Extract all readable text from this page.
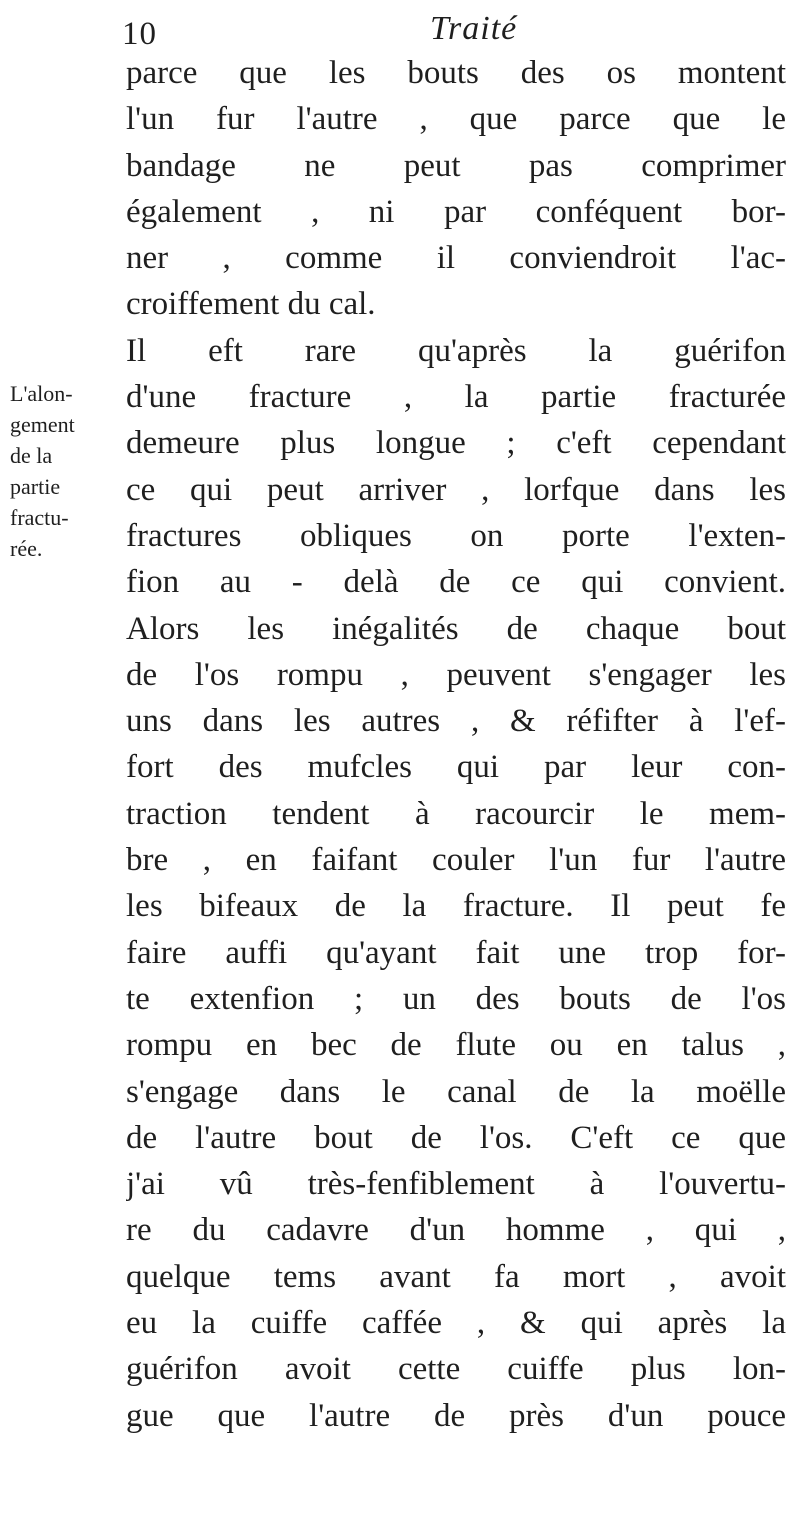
10	Traité
L'alon-
gement
de la
partie
fractu-
rée.
parce que les bouts des os montent
l'un fur l'autre , que parce que le
bandage ne peut pas comprimer
également , ni par conféquent bor-
ner , comme il conviendroit l'ac-
croiffement du cal.
Il eft rare qu'après la guérifon
d'une fracture , la partie fracturée
demeure plus longue ; c'eft cependant
ce qui peut arriver , lorfque dans les
fractures obliques on porte l'exten-
fion au - delà de ce qui convient.
Alors les inégalités de chaque bout
de l'os rompu , peuvent s'engager les
uns dans les autres , & réfifter à l'ef-
fort des mufcles qui par leur con-
traction tendent à racourcir le mem-
bre , en faifant couler l'un fur l'autre
les bifeaux de la fracture. Il peut fe
faire auffi qu'ayant fait une trop for-
te extenfion ; un des bouts de l'os
rompu en bec de flute ou en talus ,
s'engage dans le canal de la moëlle
de l'autre bout de l'os. C'eft ce que
j'ai vû très-fenfiblement à l'ouvertu-
re du cadavre d'un homme , qui ,
quelque tems avant fa mort , avoit
eu la cuiffe caffée , & qui après la
guérifon avoit cette cuiffe plus lon-
gue que l'autre de près d'un pouce
